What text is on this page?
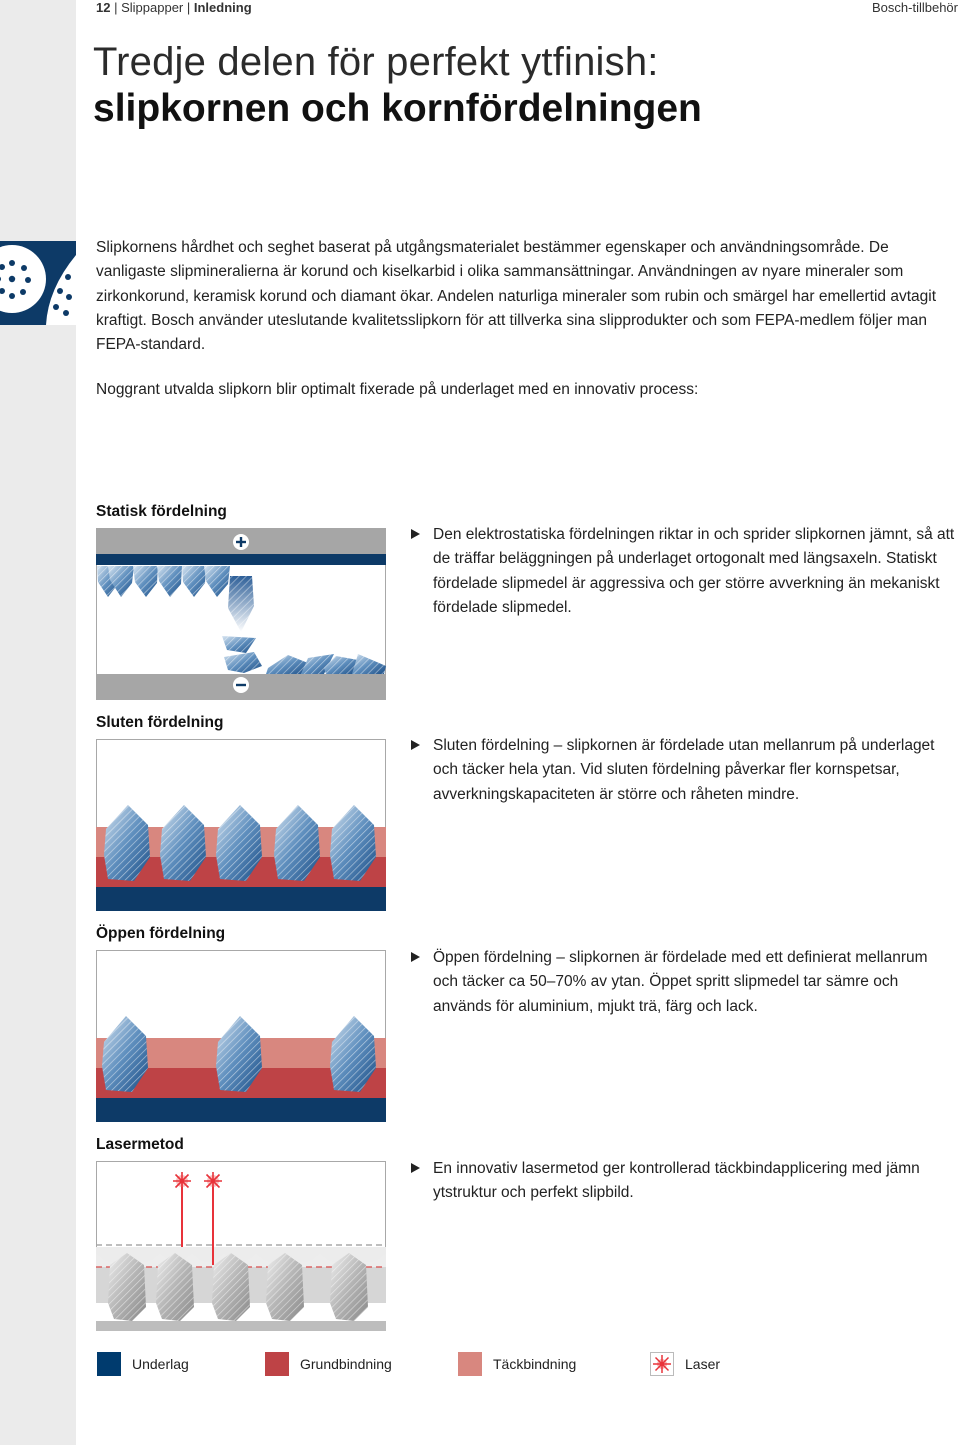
12 | Slippapper | Inledning	Bosch-tillbehör
Tredje delen för perfekt ytfinish:
slipkornen och kornfördelningen
Slipkornens hårdhet och seghet baserat på utgångsmaterialet bestämmer egenskaper och användningsområde. De vanligaste slipmineralierna är korund och kiselkarbid i olika sammansättningar. Användningen av nyare mineraler som zirkonkorund, keramisk korund och diamant ökar. Andelen naturliga mineraler som rubin och smärgel har emellertid avtagit kraftigt. Bosch använder uteslutande kvalitetsslipkorn för att tillverka sina slipprodukter och som FEPA-medlem följer man FEPA-standard.
Noggrant utvalda slipkorn blir optimalt fixerade på underlaget med en innovativ process:
Statisk fördelning
Den elektrostatiska fördelningen riktar in och sprider slipkornen jämnt, så att de träffar beläggningen på underlaget ortogonalt med längsaxeln. Statiskt fördelade slipmedel är aggressiva och ger större avverkning än mekaniskt fördelade slipmedel.
Sluten fördelning
Sluten fördelning – slipkornen är fördelade utan mellanrum på underlaget och täcker hela ytan. Vid sluten fördelning påverkar fler kornspetsar, avverkningskapaciteten är större och råheten mindre.
Öppen fördelning
Öppen fördelning – slipkornen är fördelade med ett definierat mellanrum och täcker ca 50–70% av ytan. Öppet spritt slipmedel tar sämre och används för aluminium, mjukt trä, färg och lack.
Lasermetod
En innovativ lasermetod ger kontrollerad täckbindapplicering med jämn ytstruktur och perfekt slipbild.
Underlag	Grundbindning	Täckbindning	Laser
